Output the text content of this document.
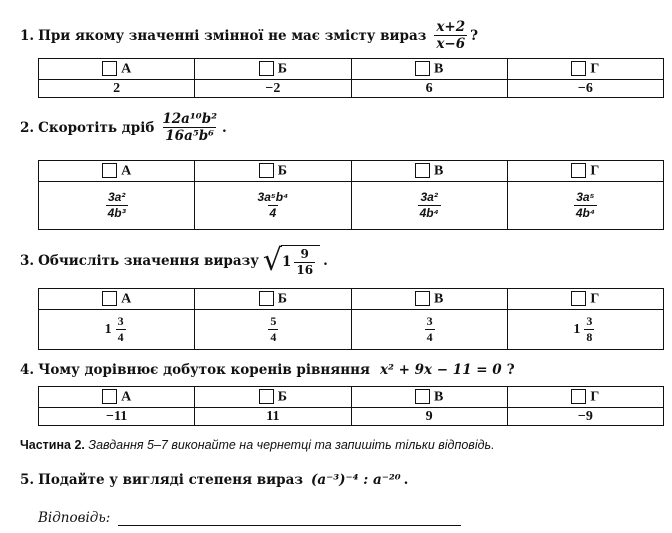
1. При якому значенні змінної не має змісту вираз $\frac{x+2}{x-6}$ ?
А	Б	В	Г
2	−2	6	−6
2. Скоротіть дріб $\frac{\text{12a¹⁰b²}}{\text{16a⁵b⁶}}$ .
А	Б	В	Г

$\frac{\text{3a²}}{\text{4b³}}$	$\frac{\text{3a⁵b⁴}}{4}$	$\frac{\text{3a²}}{\text{4b⁴}}$	$\frac{\text{3a⁵}}{\text{4b⁴}}$
3. Обчисліть значення виразу √ $1 \frac{9}{16}$ .
А	Б	В	Г

$1 \frac{3}{4}$	$\frac{5}{4}$	$\frac{3}{4}$	$1 \frac{3}{8}$
4. Чому дорівнює добуток коренів рівняння x² + 9x − 11 = 0 ?
А	Б	В	Г
−11	11	9	−9
Частина 2. Завдання 5–7 виконайте на чернетці та запишіть тільки відповідь.
5. Подайте у вигляді степеня вираз (a⁻³)⁻⁴ : a⁻²⁰ .
Відповідь:
